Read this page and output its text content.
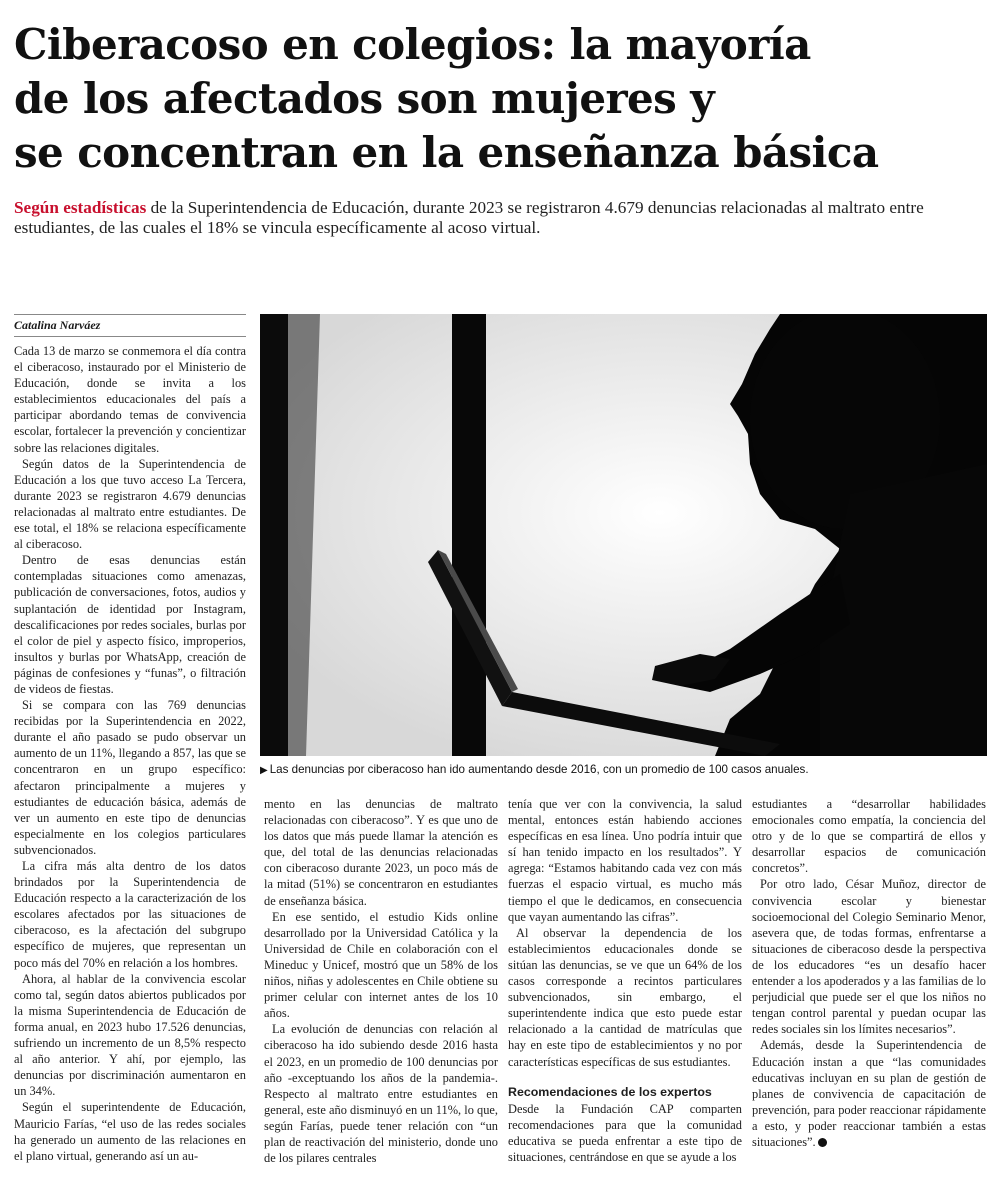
Ciberacoso en colegios: la mayoría
de los afectados son mujeres y
se concentran en la enseñanza básica

Según estadísticas de la Superintendencia de Educación, durante 2023 se registraron 4.679 denuncias relacionadas al maltrato entre estudiantes, de las cuales el 18% se vincula específicamente al acoso virtual.

Catalina Narváez

Cada 13 de marzo se conmemora el día contra el ciberacoso, instaurado por el Ministerio de Educación, donde se invita a los establecimientos educacionales del país a participar abordando temas de convivencia escolar, fortalecer la prevención y concientizar sobre las relaciones digitales.

Según datos de la Superintendencia de Educación a los que tuvo acceso La Tercera, durante 2023 se registraron 4.679 denuncias relacionadas al maltrato entre estudiantes. De ese total, el 18% se relaciona específicamente al ciberacoso.

Dentro de esas denuncias están contempladas situaciones como amenazas, publicación de conversaciones, fotos, audios y suplantación de identidad por Instagram, descalificaciones por redes sociales, burlas por el color de piel y aspecto físico, improperios, insultos y burlas por WhatsApp, creación de páginas de confesiones y “funas”, o filtración de videos de fiestas.

Si se compara con las 769 denuncias recibidas por la Superintendencia en 2022, durante el año pasado se pudo observar un aumento de un 11%, llegando a 857, las que se concentraron en un grupo específico: afectaron principalmente a mujeres y estudiantes de educación básica, además de ver un aumento en este tipo de denuncias especialmente en los colegios particulares subvencionados.

La cifra más alta dentro de los datos brindados por la Superintendencia de Educación respecto a la caracterización de los escolares afectados por las situaciones de ciberacoso, es la afectación del subgrupo específico de mujeres, que representan un poco más del 70% en relación a los hombres.

Ahora, al hablar de la convivencia escolar como tal, según datos abiertos publicados por la misma Superintendencia de Educación de forma anual, en 2023 hubo 17.526 denuncias, sufriendo un incremento de un 8,5% respecto al año anterior. Y ahí, por ejemplo, las denuncias por discriminación aumentaron en un 34%.

Según el superintendente de Educación, Mauricio Farías, “el uso de las redes sociales ha generado un aumento de las relaciones en el plano virtual, generando así un au-

▶ Las denuncias por ciberacoso han ido aumentando desde 2016, con un promedio de 100 casos anuales.

mento en las denuncias de maltrato relacionadas con ciberacoso”. Y es que uno de los datos que más puede llamar la atención es que, del total de las denuncias relacionadas con ciberacoso durante 2023, un poco más de la mitad (51%) se concentraron en estudiantes de enseñanza básica.

En ese sentido, el estudio Kids online desarrollado por la Universidad Católica y la Universidad de Chile en colaboración con el Mineduc y Unicef, mostró que un 58% de los niños, niñas y adolescentes en Chile obtiene su primer celular con internet antes de los 10 años.

La evolución de denuncias con relación al ciberacoso ha ido subiendo desde 2016 hasta el 2023, en un promedio de 100 denuncias por año -exceptuando los años de la pandemia-. Respecto al maltrato entre estudiantes en general, este año disminuyó en un 11%, lo que, según Farías, puede tener relación con “un plan de reactivación del ministerio, donde uno de los pilares centrales

tenía que ver con la convivencia, la salud mental, entonces están habiendo acciones específicas en esa línea. Uno podría intuir que sí han tenido impacto en los resultados”. Y agrega: “Estamos habitando cada vez con más fuerzas el espacio virtual, es mucho más tiempo el que le dedicamos, en consecuencia que vayan aumentando las cifras”.

Al observar la dependencia de los establecimientos educacionales donde se sitúan las denuncias, se ve que un 64% de los casos corresponde a recintos particulares subvencionados, sin embargo, el superintendente indica que esto puede estar relacionado a la cantidad de matrículas que hay en este tipo de establecimientos y no por características específicas de sus estudiantes.

Recomendaciones de los expertos

Desde la Fundación CAP comparten recomendaciones para que la comunidad educativa se pueda enfrentar a este tipo de situaciones, centrándose en que se ayude a los

estudiantes a “desarrollar habilidades emocionales como empatía, la conciencia del otro y de lo que se compartirá de ellos y desarrollar espacios de comunicación concretos”.

Por otro lado, César Muñoz, director de convivencia escolar y bienestar socioemocional del Colegio Seminario Menor, asevera que, de todas formas, enfrentarse a situaciones de ciberacoso desde la perspectiva de los educadores “es un desafío hacer entender a los apoderados y a las familias de lo perjudicial que puede ser el que los niños no tengan control parental y puedan ocupar las redes sociales sin los límites necesarios”.

Además, desde la Superintendencia de Educación instan a que “las comunidades educativas incluyan en su plan de gestión de planes de convivencia de capacitación de prevención, para poder reaccionar rápidamente a esto, y poder reaccionar también a estas situaciones”.
